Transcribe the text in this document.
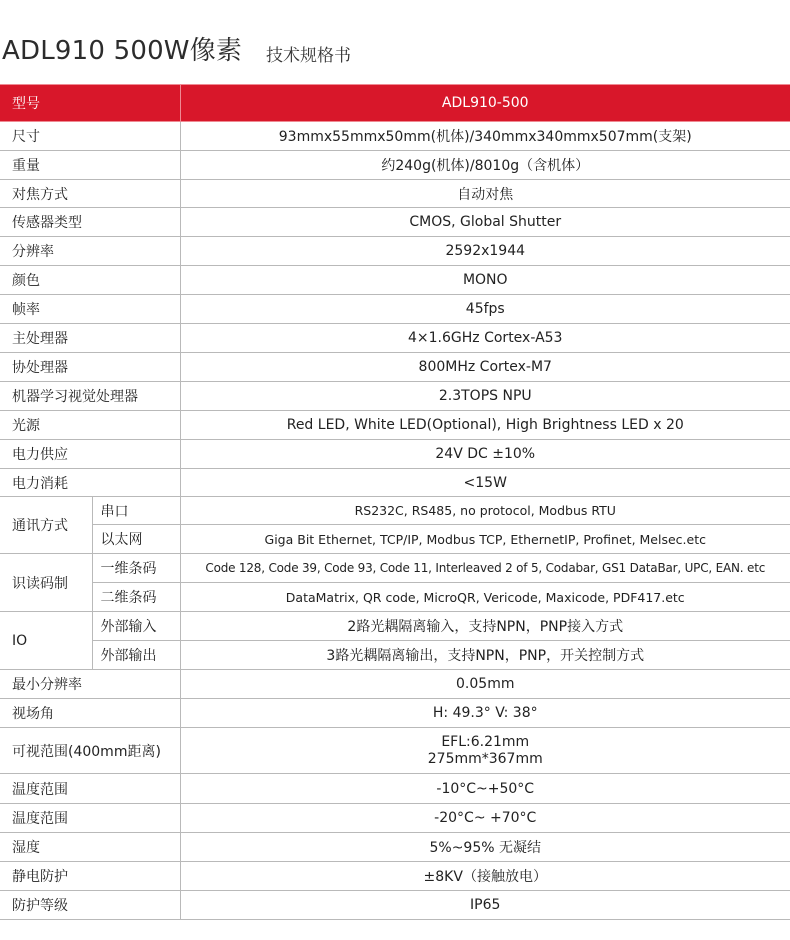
ADL910 500W像素 技术规格书
型号		ADL910-500
尺寸		93mmx55mmx50mm(机体)/340mmx340mmx507mm(支架)
重量		约240g(机体)/8010g（含机体）
对焦方式		自动对焦
传感器类型		CMOS, Global Shutter
分辨率		2592x1944
颜色		MONO
帧率		45fps
主处理器		4×1.6GHz Cortex-A53
协处理器		800MHz Cortex-M7
机器学习视觉处理器		2.3TOPS NPU
光源		Red LED, White LED(Optional), High Brightness LED x 20
电力供应		24V DC ±10%
电力消耗		<15W
通讯方式	串口	RS232C, RS485, no protocol, Modbus RTU
	以太网	Giga Bit Ethernet, TCP/IP, Modbus TCP, EthernetIP, Profinet, Melsec.etc
识读码制	一维条码	Code 128, Code 39, Code 93, Code 11, Interleaved 2 of 5, Codabar, GS1 DataBar, UPC, EAN. etc
	二维条码	DataMatrix, QR code, MicroQR, Vericode, Maxicode, PDF417.etc
IO	外部输入	2路光耦隔离输入，支持NPN，PNP接入方式
	外部输出	3路光耦隔离输出，支持NPN，PNP，开关控制方式
最小分辨率		0.05mm
视场角		H: 49.3° V: 38°
可视范围(400mm距离)		EFL:6.21mm
275mm*367mm

温度范围		-10°C~+50°C
温度范围		-20°C~ +70°C
湿度		5%~95% 无凝结
静电防护		±8KV（接触放电）
防护等级		IP65
